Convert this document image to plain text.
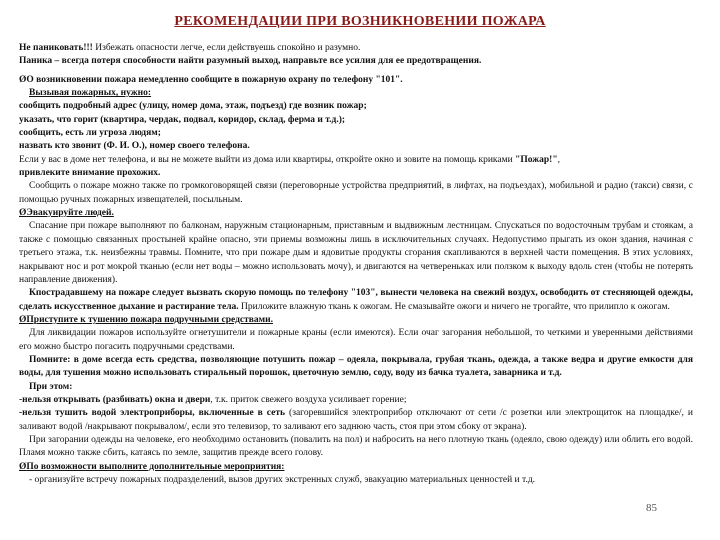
РЕКОМЕНДАЦИИ ПРИ ВОЗНИКНОВЕНИИ ПОЖАРА

Не паниковать!!! Избежать опасности легче, если действуешь спокойно и разумно.

Паника – всегда потеря способности найти разумный выход, направьте все усилия для ее предотвращения.

ØО возникновении пожара немедленно сообщите в пожарную охрану по телефону "101".

Вызывая пожарных, нужно:

сообщить подробный адрес (улицу, номер дома, этаж, подъезд) где возник пожар;

указать, что горит (квартира, чердак, подвал, коридор, склад, ферма и т.д.);

сообщить, есть ли угроза людям;

назвать кто звонит (Ф. И. О.), номер своего телефона.

Если у вас в доме нет телефона, и вы не можете выйти из дома или квартиры, откройте окно и зовите на помощь криками "Пожар!",

привлеките внимание прохожих.

Сообщить о пожаре можно также по громкоговорящей связи (переговорные устройства предприятий, в лифтах, на подъездах), мобильной и радио (такси) связи, с помощью ручных пожарных извещателей, посыльным.

ØЭвакуируйте людей.

Спасание при пожаре выполняют по балконам, наружным стационарным, приставным и выдвижным лестницам. Спускаться по водосточным трубам и стоякам, а также с помощью связанных простыней крайне опасно, эти приемы возможны лишь в исключительных случаях. Недопустимо прыгать из окон здания, начиная с третьего этажа, т.к. неизбежны травмы. Помните, что при пожаре дым и ядовитые продукты сгорания скапливаются в верхней части помещения. В этих условиях, накрывают нос и рот мокрой тканью (если нет воды – можно использовать мочу), и двигаются на четвереньках или ползком к выходу вдоль стен (чтобы не потерять направление движения).

Кпострадавшему на пожаре следует вызвать скорую помощь по телефону "103", вынести человека на свежий воздух, освободить от стесняющей одежды, сделать искусственное дыхание и растирание тела. Приложите влажную ткань к ожогам. Не смазывайте ожоги и ничего не трогайте, что прилипло к ожогам.

ØПриступите к тушению пожара подручными средствами.

Для ликвидации пожаров используйте огнетушители и пожарные краны (если имеются). Если очаг загорания небольшой, то четкими и уверенными действиями его можно быстро погасить подручными средствами.

Помните: в доме всегда есть средства, позволяющие потушить пожар – одеяла, покрывала, грубая ткань, одежда, а также ведра и другие емкости для воды, для тушения можно использовать стиральный порошок, цветочную землю, соду, воду из бачка туалета, заварника и т.д.

При этом:

-нельзя открывать (разбивать) окна и двери, т.к. приток свежего воздуха усиливает горение;

-нельзя тушить водой электроприборы, включенные в сеть (загоревшийся электроприбор отключают от сети /с розетки или электрощиток на площадке/, и заливают водой /накрывают покрывалом/, если это телевизор, то заливают его заднюю часть, стоя при этом сбоку от экрана).

При загорании одежды на человеке, его необходимо остановить (повалить на пол) и набросить на него плотную ткань (одеяло, свою одежду) или облить его водой. Пламя можно также сбить, катаясь по земле, защитив прежде всего голову.

ØПо возможности выполните дополнительные мероприятия:

- организуйте встречу пожарных подразделений, вызов других экстренных служб, эвакуацию материальных ценностей и т.д.

85
